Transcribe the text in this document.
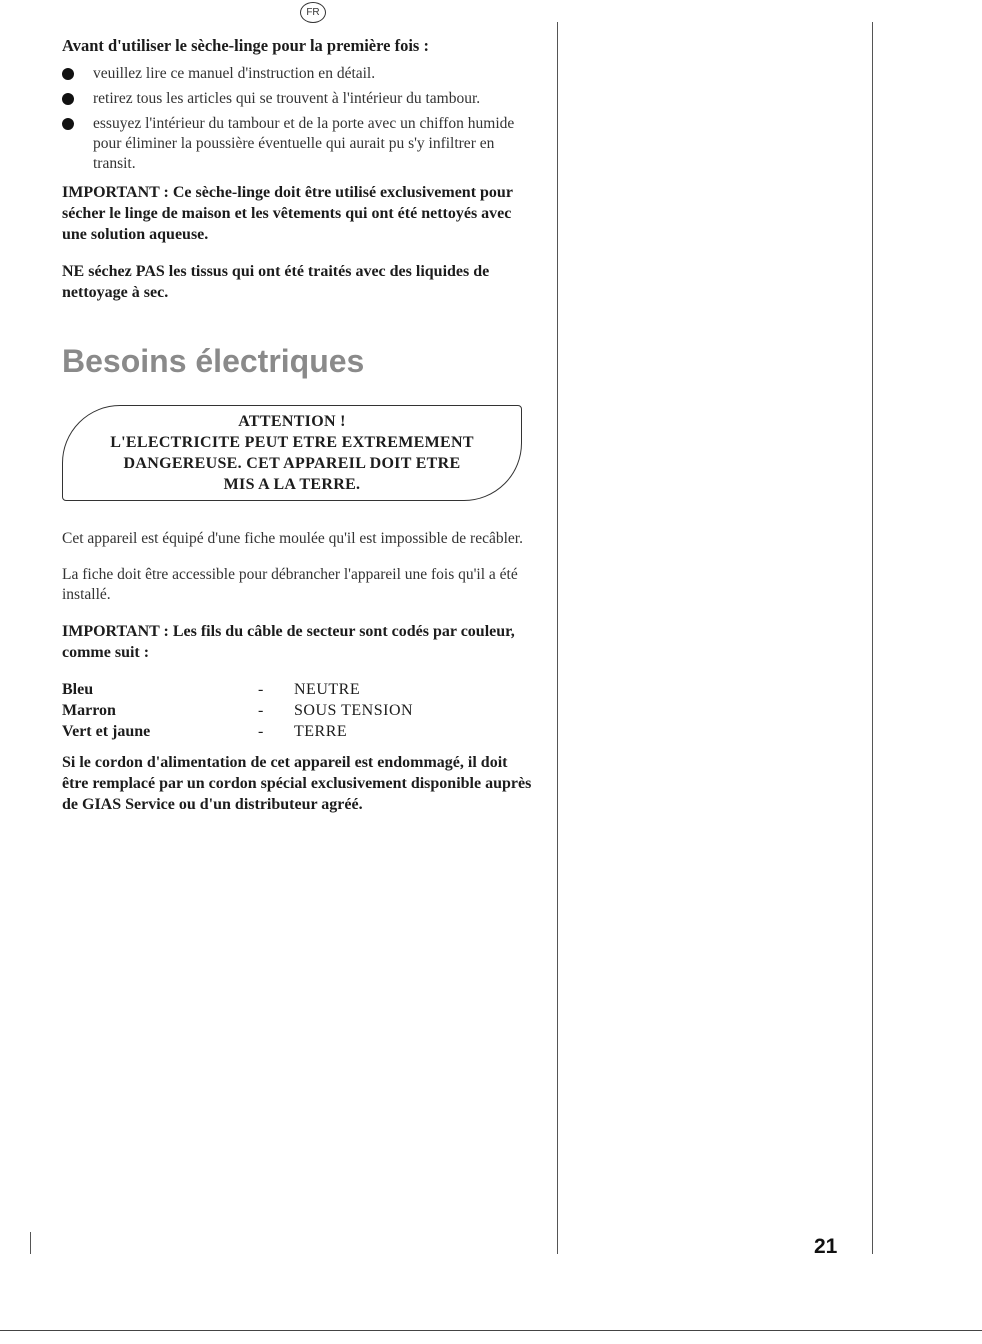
FR
Avant d'utiliser le sèche-linge pour la première fois :
veuillez lire ce manuel d'instruction en détail.
retirez tous les articles qui se trouvent à l'intérieur du tambour.
essuyez l'intérieur du tambour et de la porte avec un chiffon humide pour éliminer la poussière éventuelle qui aurait pu s'y infiltrer en transit.
IMPORTANT : Ce sèche-linge doit être utilisé exclusivement pour sécher le linge de maison et les vêtements qui ont été nettoyés avec une solution aqueuse.
NE séchez PAS les tissus qui ont été traités avec des liquides de nettoyage à sec.
Besoins électriques
ATTENTION !
L'ELECTRICITE PEUT ETRE EXTREMEMENT
DANGEREUSE. CET APPAREIL DOIT ETRE
MIS A LA TERRE.
Cet appareil est équipé d'une fiche moulée qu'il est impossible de recâbler.
La fiche doit être accessible pour débrancher l'appareil une fois qu'il a été installé.
IMPORTANT : Les fils du câble de secteur sont codés par couleur, comme suit :
Bleu	-	NEUTRE
Marron	-	SOUS TENSION
Vert et jaune	-	TERRE
Si le cordon d'alimentation de cet appareil est endommagé, il doit être remplacé par un cordon spécial exclusivement disponible auprès de GIAS Service ou d'un distributeur agréé.
21
